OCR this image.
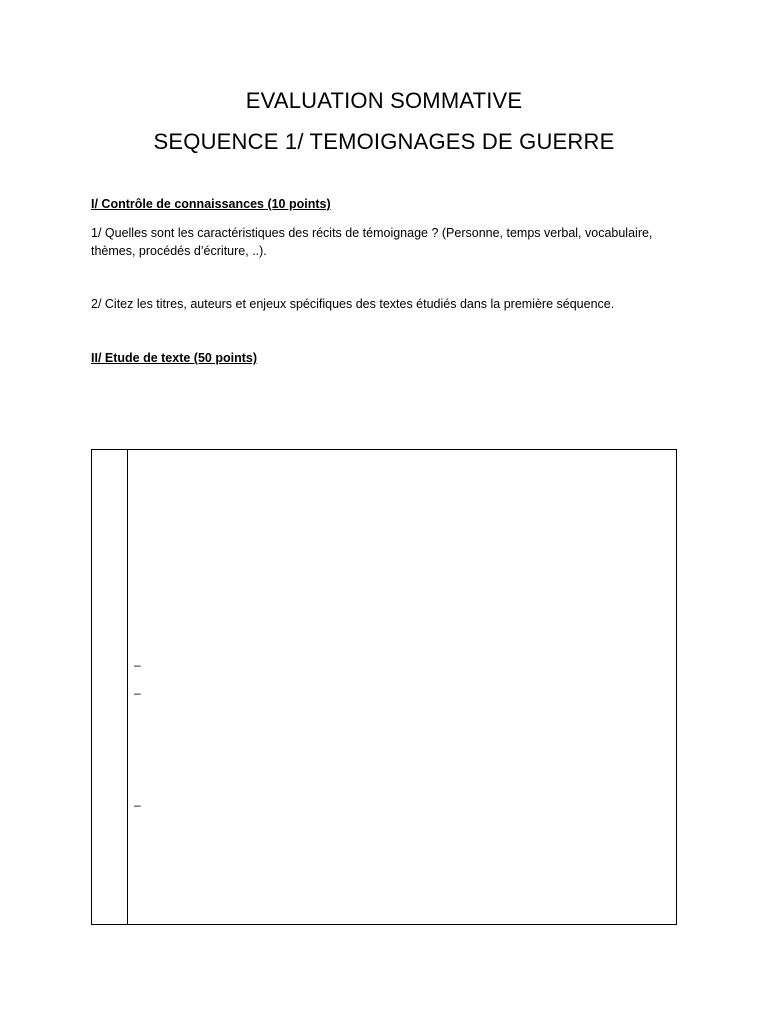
EVALUATION SOMMATIVE
SEQUENCE 1/ TEMOIGNAGES DE GUERRE

I/ Contrôle de connaissances (10 points)

1/ Quelles sont les caractéristiques des récits de témoignage ? (Personne, temps verbal, vocabulaire, thèmes, procédés d’écriture, ..).

2/ Citez les titres, auteurs et enjeux spécifiques des textes étudiés dans la première séquence.

II/ Etude de texte (50 points)

–
–
–
